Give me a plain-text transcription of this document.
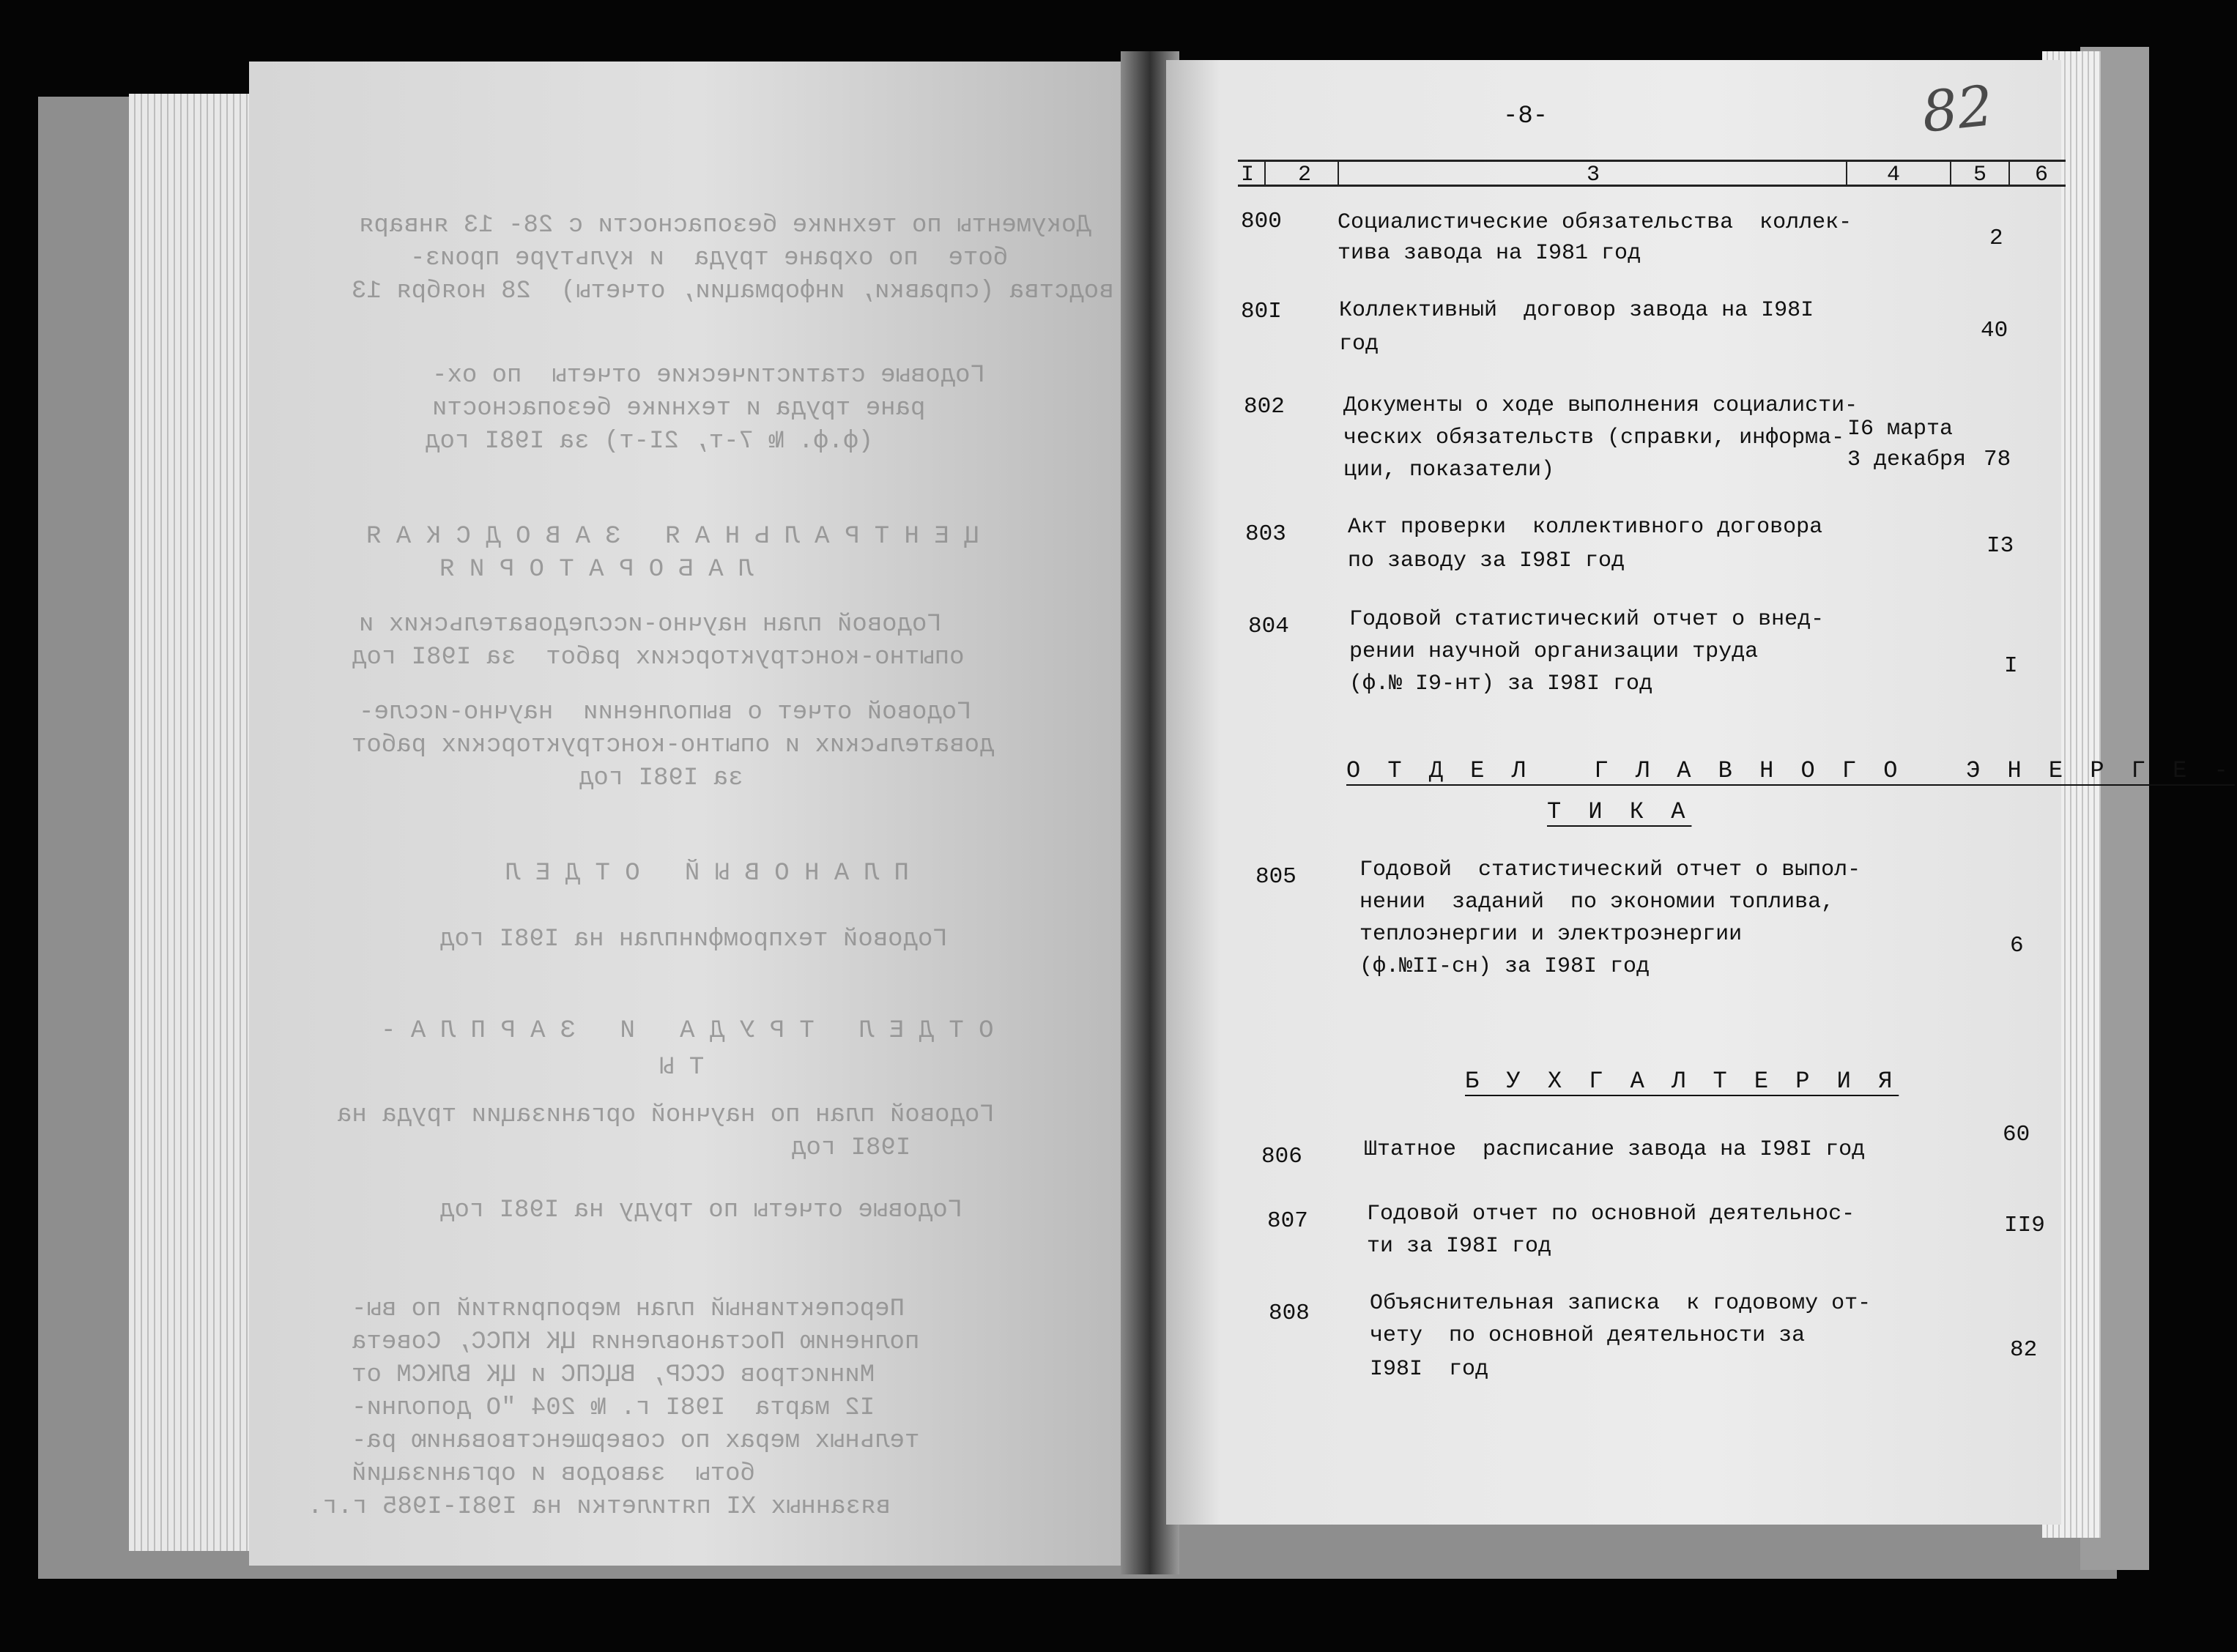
Документы по технике безопасности с 28- 13 января
боте  по охране труда  и культуре произ-
водства (справки, информации, отчеты)  28 ноября 13
Годовые статистические отчеты  по ох-
ране труда и технике безопасности
(ф.ф. № 7-т, 2I-т) за I98I год
Ц Е Н Т Р А Л Ь Н А Я   З А В О Д С К А Я
Л А Б О Р А Т О Р И Я
Годовой план научно-исследовательских и
опытно-конструкторских работ  за I98I год
Годовой отчет о выполнении  научно-иссле-
довательских и опытно-конструкторских работ
за I98I год
П Л А Н О В Ы Й   О Т Д Е Л
Годовой техпромфинплан на I98I год
О Т Д Е Л   Т Р У Д А   И   З А Р П Л А -
Т Ы
Годовой план по научной организации труда на
I98I год
Годовые отчеты по труду на I98I год
Перспективный план мероприятий по вы-
полнению Постановления ЦК КПСС, Совета
Министров СССР, ВЦСПС и ЦК ВЛКСМ от
I2 марта  I98I г. № 204 "О дополни-
тельных мерах по совершенствованию ра-
боты  заводов и организаций
вязанных XI пятилетки на I98I-I985 г.г.
82
-8-
I 2	3	4	5 6
800	Социалистические обязательства  коллек-
тива завода на I981 год
2
80I	Коллективный  договор завода на I98I
год
40
802	Документы о ходе выполнения социалисти-
ческих обязательств (справки, информа-
ции, показатели)
I6 марта
3 декабря 78
803	Акт проверки  коллективного договора
по заводу за I98I год
I3
804	Годовой статистический отчет о внед-
рении научной организации труда
(ф.№ I9-нт) за I98I год
I
О Т Д Е Л   Г Л А В Н О Г О   Э Н Е Р Г Е -
Т И К А
805	Годовой  статистический отчет о выпол-
нении  заданий  по экономии топлива,
теплоэнергии и электроэнергии
(ф.№II-сн) за I98I год
6
Б У Х Г А Л Т Е Р И Я
806	Штатное  расписание завода на I98I год
60
807	Годовой отчет по основной деятельнос-
ти за I98I год
II9
808	Объяснительная записка  к годовому от-
чету  по основной деятельности за
I98I  год
82
